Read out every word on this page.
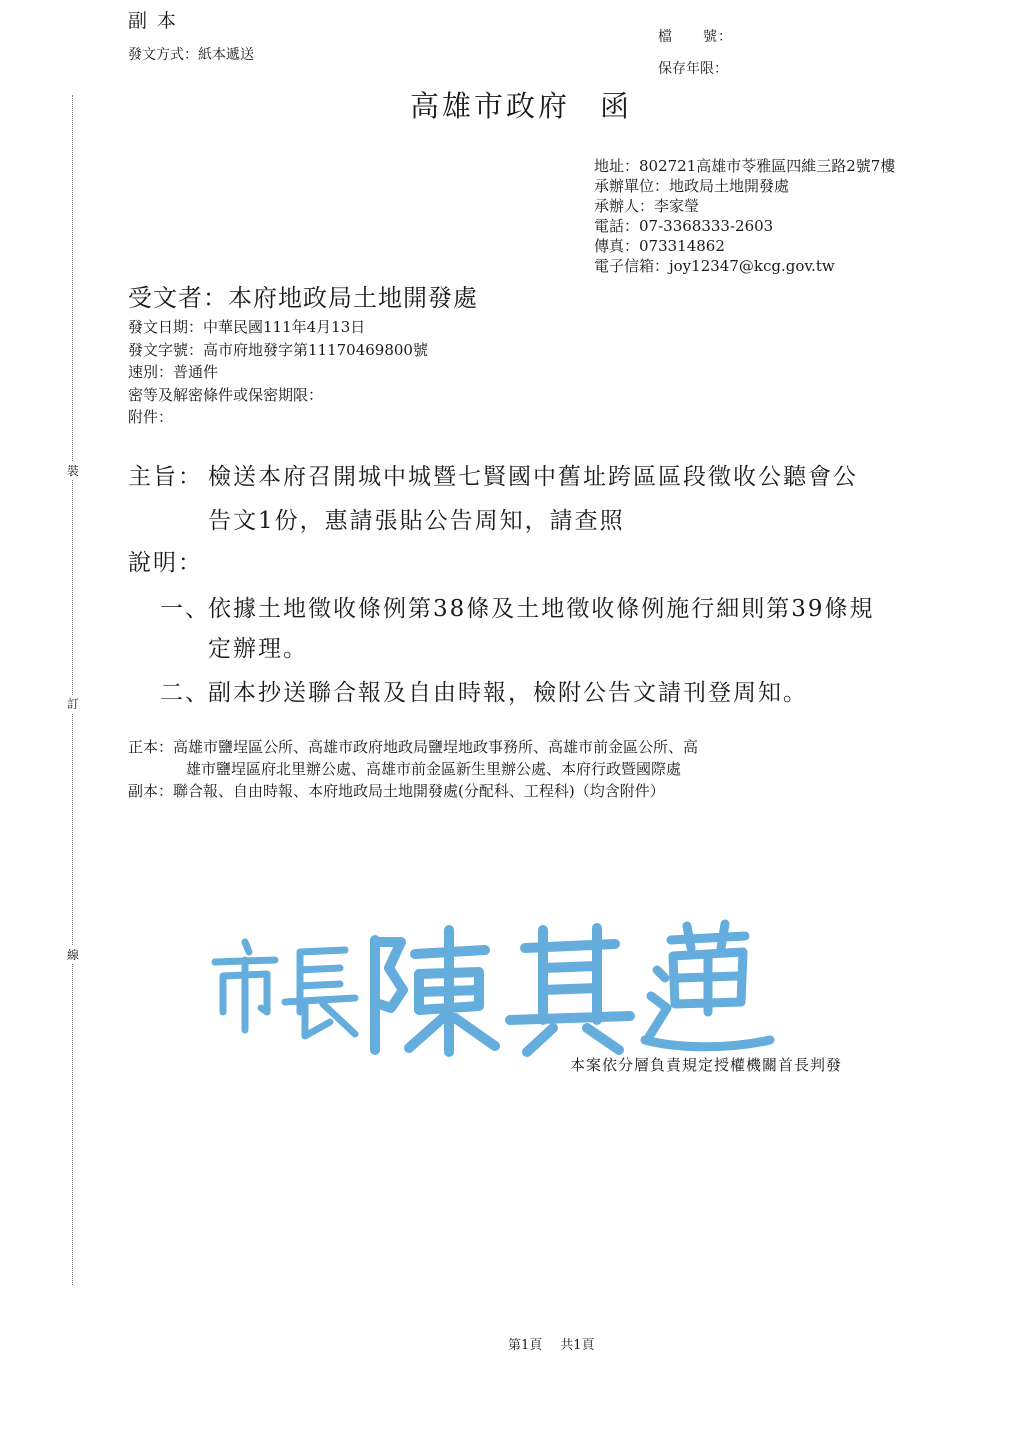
裝
訂
線
副本
發文方式：紙本遞送
檔　　號：
保存年限：
高雄市政府 函
地址：802721高雄市苓雅區四維三路2號7樓
承辦單位：地政局土地開發處
承辦人：李家瑩
電話：07-3368333-2603
傳真：073314862
電子信箱：joy12347@kcg.gov.tw
受文者：本府地政局土地開發處
發文日期：中華民國111年4月13日
發文字號：高市府地發字第11170469800號
速別：普通件
密等及解密條件或保密期限：
附件：
主旨： 檢送本府召開城中城暨七賢國中舊址跨區區段徵收公聽會公
告文1份，惠請張貼公告周知，請查照
說明：
一、
依據土地徵收條例第38條及土地徵收條例施行細則第39條規
定辦理。
二、
副本抄送聯合報及自由時報，檢附公告文請刊登周知。
正本：高雄市鹽埕區公所、高雄市政府地政局鹽埕地政事務所、高雄市前金區公所、高
雄市鹽埕區府北里辦公處、高雄市前金區新生里辦公處、本府行政暨國際處
副本：聯合報、自由時報、本府地政局土地開發處(分配科、工程科)（均含附件）
本案依分層負責規定授權機關首長判發
第1頁 共1頁
